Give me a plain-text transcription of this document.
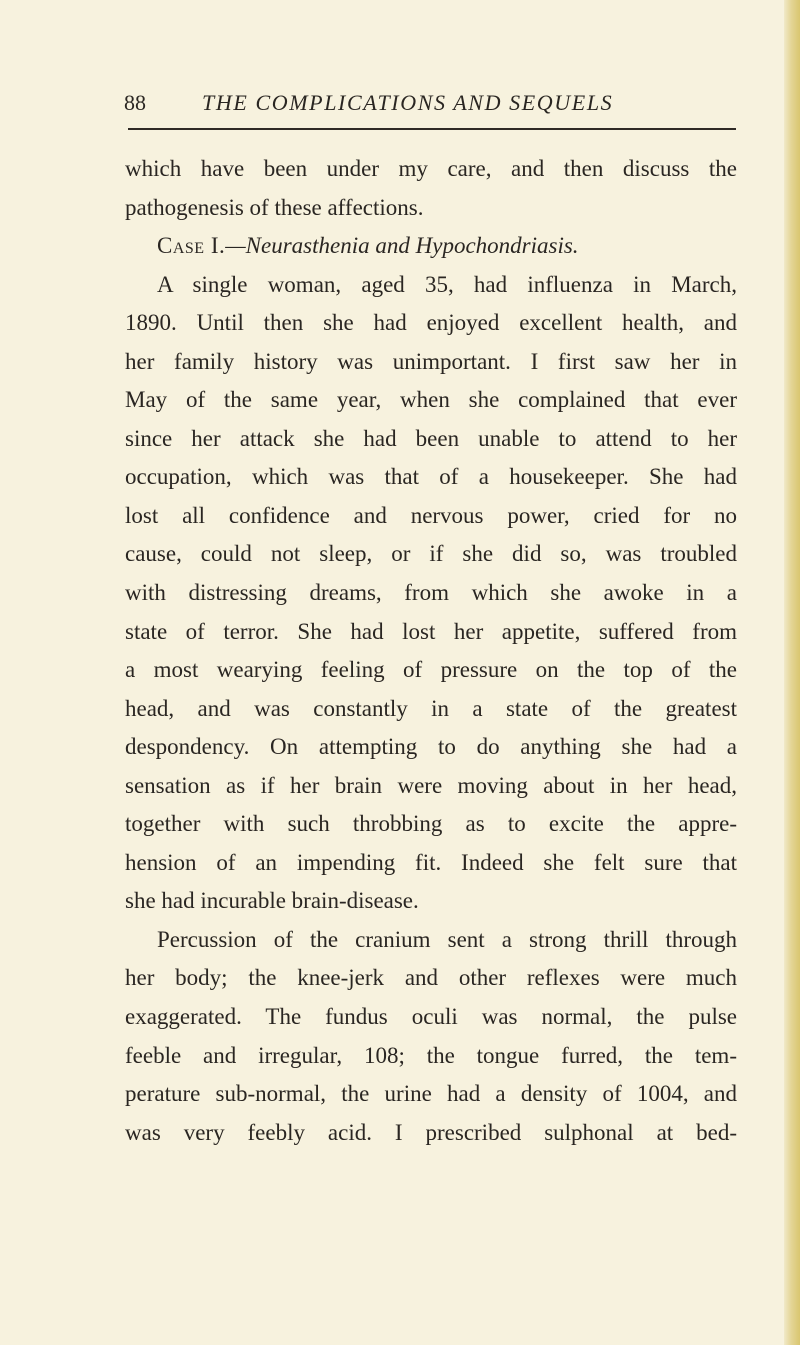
88	THE COMPLICATIONS AND SEQUELS
which have been under my care, and then discuss the
pathogenesis of these affections.
Case I.—Neurasthenia and Hypochondriasis.
A single woman, aged 35, had influenza in March,
1890. Until then she had enjoyed excellent health, and
her family history was unimportant. I first saw her in
May of the same year, when she complained that ever
since her attack she had been unable to attend to her
occupation, which was that of a housekeeper. She had
lost all confidence and nervous power, cried for no
cause, could not sleep, or if she did so, was troubled
with distressing dreams, from which she awoke in a
state of terror. She had lost her appetite, suffered from
a most wearying feeling of pressure on the top of the
head, and was constantly in a state of the greatest
despondency. On attempting to do anything she had a
sensation as if her brain were moving about in her head,
together with such throbbing as to excite the appre-
hension of an impending fit. Indeed she felt sure that
she had incurable brain-disease.
Percussion of the cranium sent a strong thrill through
her body; the knee-jerk and other reflexes were much
exaggerated. The fundus oculi was normal, the pulse
feeble and irregular, 108; the tongue furred, the tem-
perature sub-normal, the urine had a density of 1004, and
was very feebly acid. I prescribed sulphonal at bed-
